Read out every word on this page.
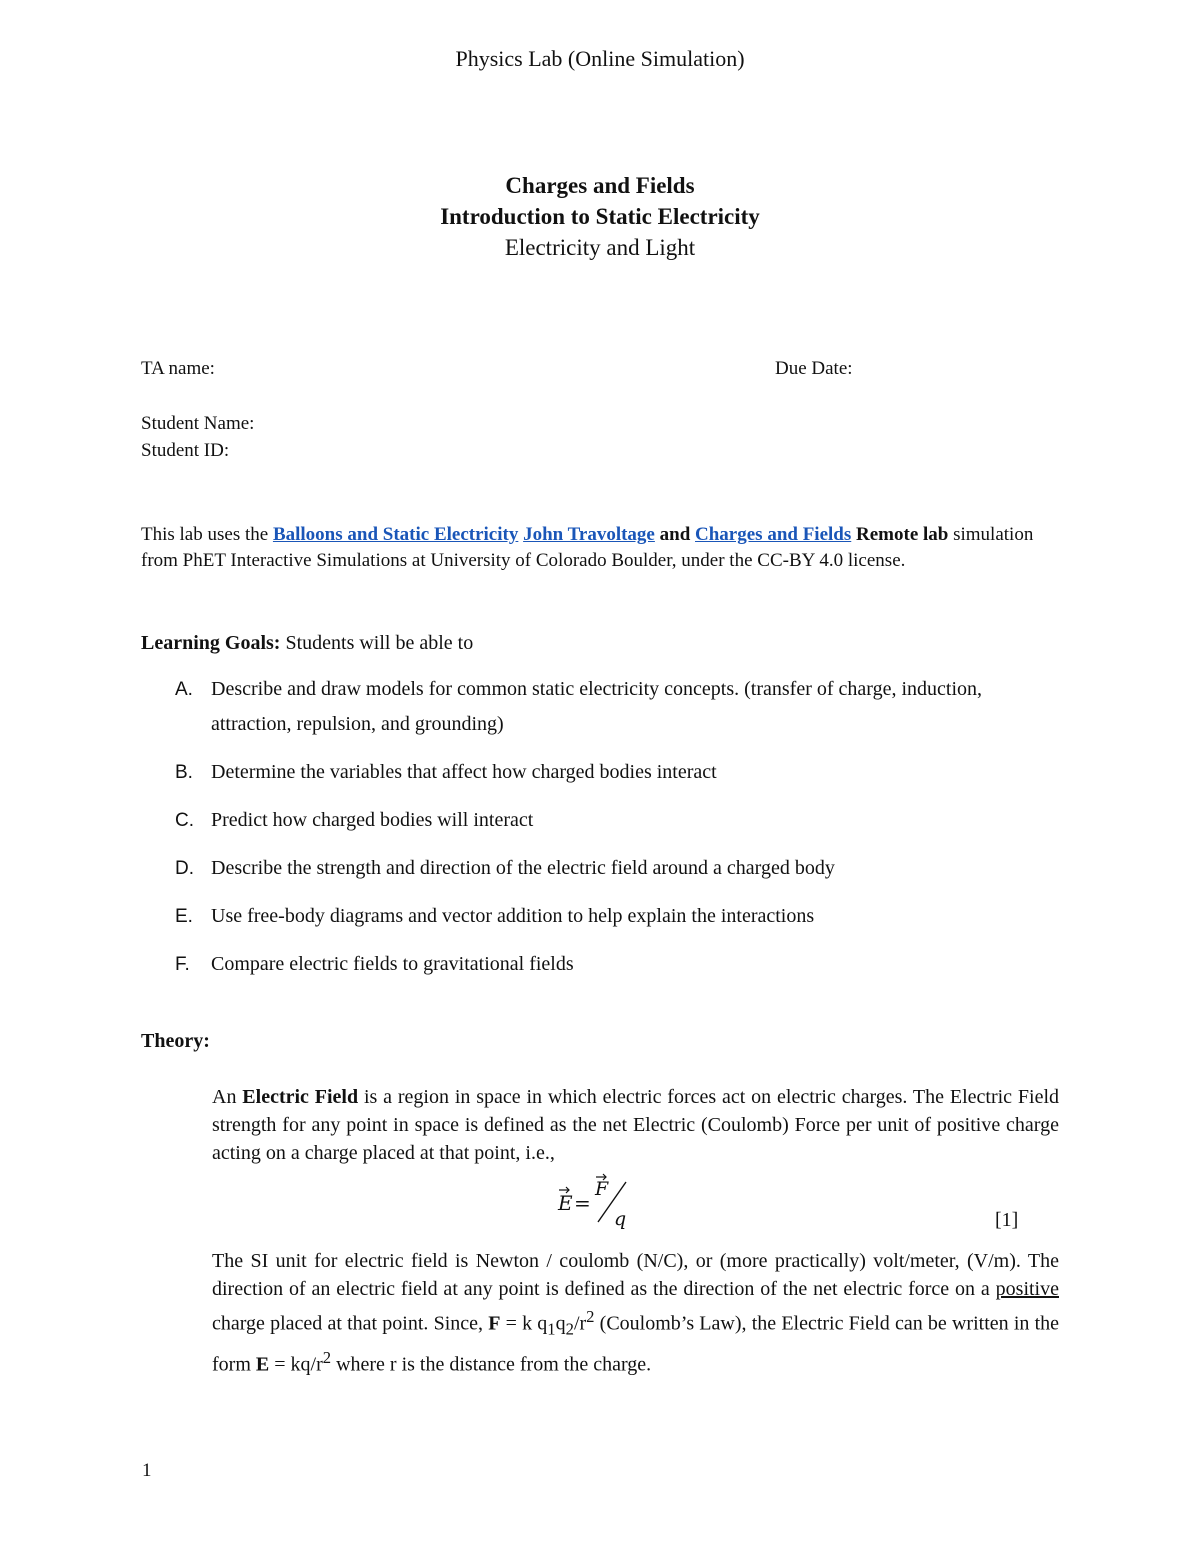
Physics Lab (Online Simulation)
Charges and Fields
Introduction to Static Electricity
Electricity and Light
TA name:	Due Date:
Student Name:
Student ID:
This lab uses the Balloons and Static Electricity John Travoltage and Charges and Fields Remote lab simulation from PhET Interactive Simulations at University of Colorado Boulder, under the CC-BY 4.0 license.
Learning Goals: Students will be able to
A. Describe and draw models for common static electricity concepts. (transfer of charge, induction, attraction, repulsion, and grounding)
B. Determine the variables that affect how charged bodies interact
C. Predict how charged bodies will interact
D. Describe the strength and direction of the electric field around a charged body
E. Use free-body diagrams and vector addition to help explain the interactions
F. Compare electric fields to gravitational fields
Theory:
An Electric Field is a region in space in which electric forces act on electric charges. The Electric Field strength for any point in space is defined as the net Electric (Coulomb) Force per unit of positive charge acting on a charge placed at that point, i.e.,
E =
F
q	[1]
The SI unit for electric field is Newton / coulomb (N/C), or (more practically) volt/meter, (V/m). The direction of an electric field at any point is defined as the direction of the net electric force on a positive charge placed at that point. Since, F = k $q_1q_2/r^2$ (Coulomb’s Law), the Electric Field can be written in the form $E = kq/r^2$ where r is the distance from the charge.
1
